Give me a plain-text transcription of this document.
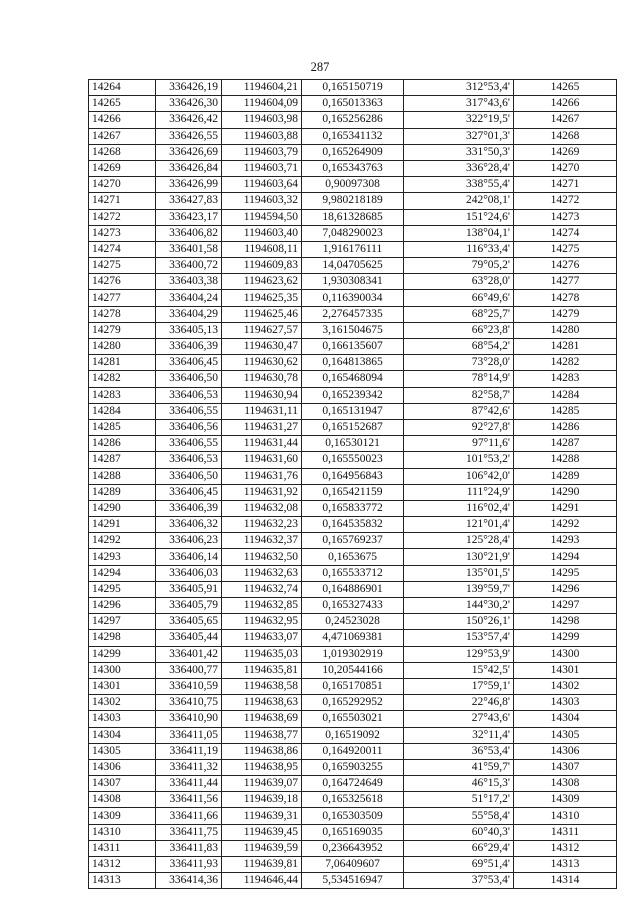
287
14264	336426,19	1194604,21	0,165150719	312°53,4'	14265
14265	336426,30	1194604,09	0,165013363	317°43,6'	14266
14266	336426,42	1194603,98	0,165256286	322°19,5'	14267
14267	336426,55	1194603,88	0,165341132	327°01,3'	14268
14268	336426,69	1194603,79	0,165264909	331°50,3'	14269
14269	336426,84	1194603,71	0,165343763	336°28,4'	14270
14270	336426,99	1194603,64	0,90097308	338°55,4'	14271
14271	336427,83	1194603,32	9,980218189	242°08,1'	14272
14272	336423,17	1194594,50	18,61328685	151°24,6'	14273
14273	336406,82	1194603,40	7,048290023	138°04,1'	14274
14274	336401,58	1194608,11	1,916176111	116°33,4'	14275
14275	336400,72	1194609,83	14,04705625	79°05,2'	14276
14276	336403,38	1194623,62	1,930308341	63°28,0'	14277
14277	336404,24	1194625,35	0,116390034	66°49,6'	14278
14278	336404,29	1194625,46	2,276457335	68°25,7'	14279
14279	336405,13	1194627,57	3,161504675	66°23,8'	14280
14280	336406,39	1194630,47	0,166135607	68°54,2'	14281
14281	336406,45	1194630,62	0,164813865	73°28,0'	14282
14282	336406,50	1194630,78	0,165468094	78°14,9'	14283
14283	336406,53	1194630,94	0,165239342	82°58,7'	14284
14284	336406,55	1194631,11	0,165131947	87°42,6'	14285
14285	336406,56	1194631,27	0,165152687	92°27,8'	14286
14286	336406,55	1194631,44	0,16530121	97°11,6'	14287
14287	336406,53	1194631,60	0,165550023	101°53,2'	14288
14288	336406,50	1194631,76	0,164956843	106°42,0'	14289
14289	336406,45	1194631,92	0,165421159	111°24,9'	14290
14290	336406,39	1194632,08	0,165833772	116°02,4'	14291
14291	336406,32	1194632,23	0,164535832	121°01,4'	14292
14292	336406,23	1194632,37	0,165769237	125°28,4'	14293
14293	336406,14	1194632,50	0,1653675	130°21,9'	14294
14294	336406,03	1194632,63	0,165533712	135°01,5'	14295
14295	336405,91	1194632,74	0,164886901	139°59,7'	14296
14296	336405,79	1194632,85	0,165327433	144°30,2'	14297
14297	336405,65	1194632,95	0,24523028	150°26,1'	14298
14298	336405,44	1194633,07	4,471069381	153°57,4'	14299
14299	336401,42	1194635,03	1,019302919	129°53,9'	14300
14300	336400,77	1194635,81	10,20544166	15°42,5'	14301
14301	336410,59	1194638,58	0,165170851	17°59,1'	14302
14302	336410,75	1194638,63	0,165292952	22°46,8'	14303
14303	336410,90	1194638,69	0,165503021	27°43,6'	14304
14304	336411,05	1194638,77	0,16519092	32°11,4'	14305
14305	336411,19	1194638,86	0,164920011	36°53,4'	14306
14306	336411,32	1194638,95	0,165903255	41°59,7'	14307
14307	336411,44	1194639,07	0,164724649	46°15,3'	14308
14308	336411,56	1194639,18	0,165325618	51°17,2'	14309
14309	336411,66	1194639,31	0,165303509	55°58,4'	14310
14310	336411,75	1194639,45	0,165169035	60°40,3'	14311
14311	336411,83	1194639,59	0,236643952	66°29,4'	14312
14312	336411,93	1194639,81	7,06409607	69°51,4'	14313
14313	336414,36	1194646,44	5,534516947	37°53,4'	14314
